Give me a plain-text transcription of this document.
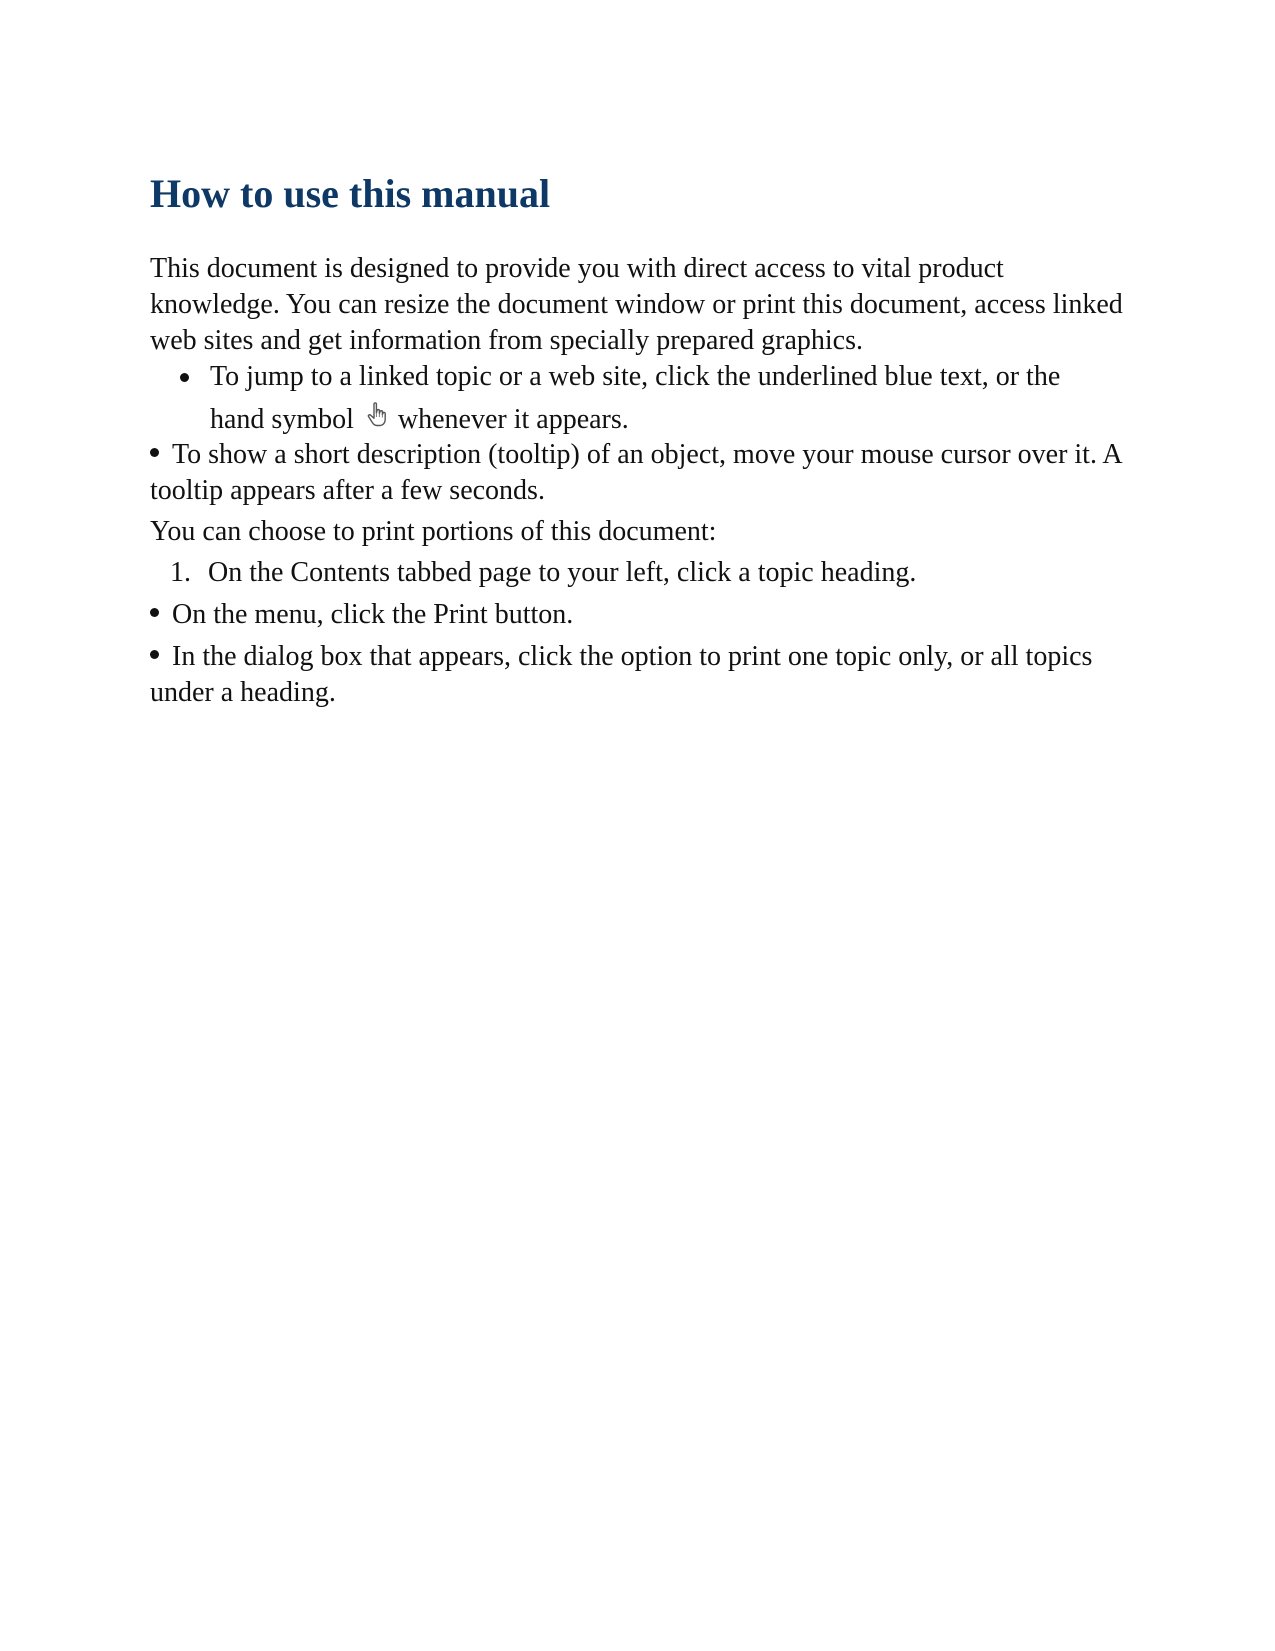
How to use this manual

This document is designed to provide you with direct access to vital product knowledge. You can resize the document window or print this document, access linked web sites and get information from specially prepared graphics.

To jump to a linked topic or a web site, click the underlined blue text, or the
hand symbol whenever it appears.

To show a short description (tooltip) of an object, move your mouse cursor over it. A tooltip appears after a few seconds.

You can choose to print portions of this document:

1. On the Contents tabbed page to your left, click a topic heading.

On the menu, click the Print button.

In the dialog box that appears, click the option to print one topic only, or all topics under a heading.
